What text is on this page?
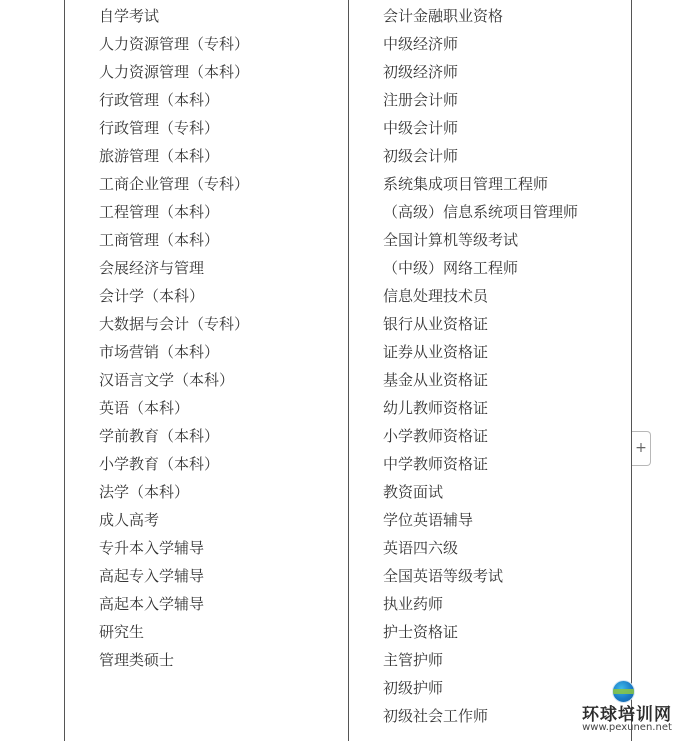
自学考试
人力资源管理（专科）
人力资源管理（本科）
行政管理（本科）
行政管理（专科）
旅游管理（本科）
工商企业管理（专科）
工程管理（本科）
工商管理（本科）
会展经济与管理
会计学（本科）
大数据与会计（专科）
市场营销（本科）
汉语言文学（本科）
英语（本科）
学前教育（本科）
小学教育（本科）
法学（本科）
成人高考
专升本入学辅导
高起专入学辅导
高起本入学辅导
研究生
管理类硕士
会计金融职业资格
中级经济师
初级经济师
注册会计师
中级会计师
初级会计师
系统集成项目管理工程师
（高级）信息系统项目管理师
全国计算机等级考试
（中级）网络工程师
信息处理技术员
银行从业资格证
证券从业资格证
基金从业资格证
幼儿教师资格证
小学教师资格证
中学教师资格证
教资面试
学位英语辅导
英语四六级
全国英语等级考试
执业药师
护士资格证
主管护师
初级护师
初级社会工作师
+
环球培训网
www.pexunen.net
